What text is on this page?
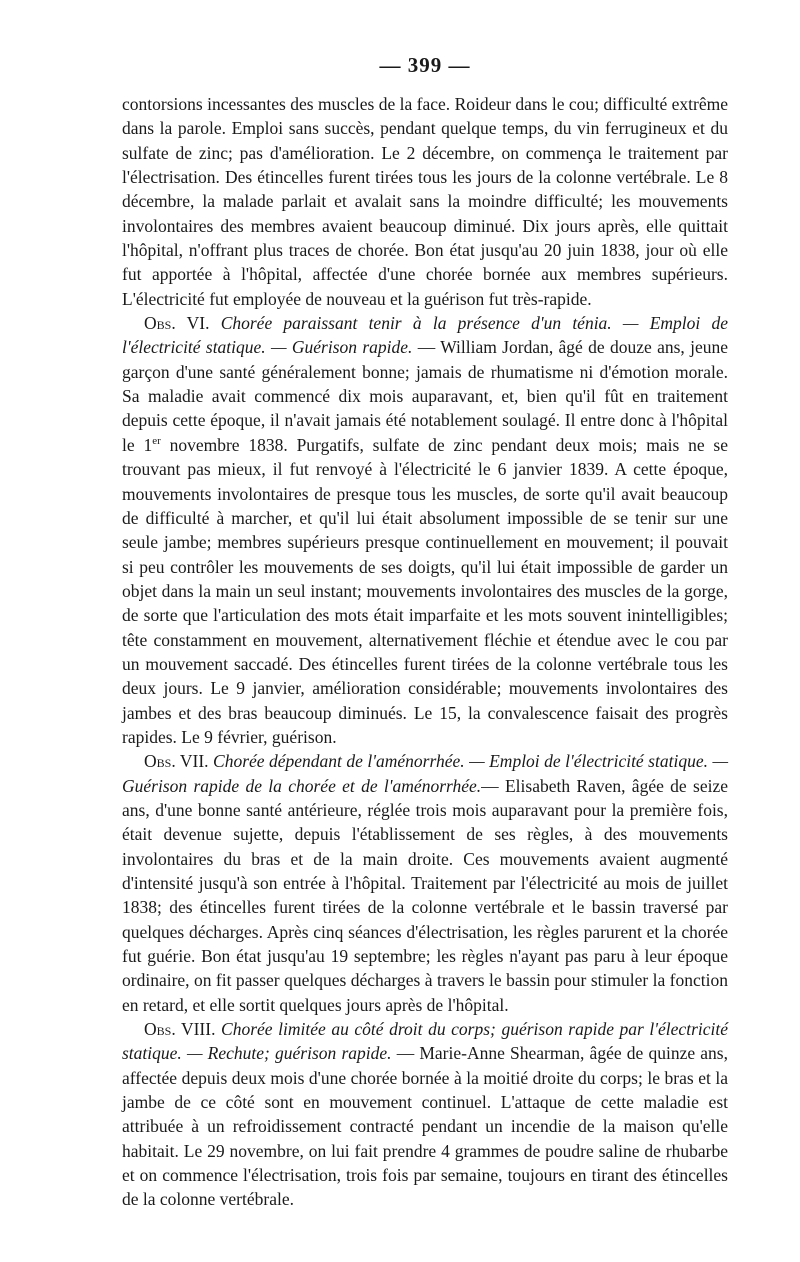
— 399 —

contorsions incessantes des muscles de la face. Roideur dans le cou; difficulté extrême dans la parole. Emploi sans succès, pendant quelque temps, du vin ferrugineux et du sulfate de zinc; pas d'amélioration. Le 2 décembre, on commença le traitement par l'électrisation. Des étincelles furent tirées tous les jours de la colonne vertébrale. Le 8 décembre, la malade parlait et avalait sans la moindre difficulté; les mouvements involontaires des membres avaient beaucoup diminué. Dix jours après, elle quittait l'hôpital, n'offrant plus traces de chorée. Bon état jusqu'au 20 juin 1838, jour où elle fut apportée à l'hôpital, affectée d'une chorée bornée aux membres supérieurs. L'électricité fut employée de nouveau et la guérison fut très-rapide.

Obs. VI. Chorée paraissant tenir à la présence d'un ténia. — Emploi de l'électricité statique. — Guérison rapide. — William Jordan, âgé de douze ans, jeune garçon d'une santé généralement bonne; jamais de rhumatisme ni d'émotion morale. Sa maladie avait commencé dix mois auparavant, et, bien qu'il fût en traitement depuis cette époque, il n'avait jamais été notablement soulagé. Il entre donc à l'hôpital le 1er novembre 1838. Purgatifs, sulfate de zinc pendant deux mois; mais ne se trouvant pas mieux, il fut renvoyé à l'électricité le 6 janvier 1839. A cette époque, mouvements involontaires de presque tous les muscles, de sorte qu'il avait beaucoup de difficulté à marcher, et qu'il lui était absolument impossible de se tenir sur une seule jambe; membres supérieurs presque continuellement en mouvement; il pouvait si peu contrôler les mouvements de ses doigts, qu'il lui était impossible de garder un objet dans la main un seul instant; mouvements involontaires des muscles de la gorge, de sorte que l'articulation des mots était imparfaite et les mots souvent inintelligibles; tête constamment en mouvement, alternativement fléchie et étendue avec le cou par un mouvement saccadé. Des étincelles furent tirées de la colonne vertébrale tous les deux jours. Le 9 janvier, amélioration considérable; mouvements involontaires des jambes et des bras beaucoup diminués. Le 15, la convalescence faisait des progrès rapides. Le 9 février, guérison.

Obs. VII. Chorée dépendant de l'aménorrhée. — Emploi de l'électricité statique. — Guérison rapide de la chorée et de l'aménorrhée.— Elisabeth Raven, âgée de seize ans, d'une bonne santé antérieure, réglée trois mois auparavant pour la première fois, était devenue sujette, depuis l'établissement de ses règles, à des mouvements involontaires du bras et de la main droite. Ces mouvements avaient augmenté d'intensité jusqu'à son entrée à l'hôpital. Traitement par l'électricité au mois de juillet 1838; des étincelles furent tirées de la colonne vertébrale et le bassin traversé par quelques décharges. Après cinq séances d'électrisation, les règles parurent et la chorée fut guérie. Bon état jusqu'au 19 septembre; les règles n'ayant pas paru à leur époque ordinaire, on fit passer quelques décharges à travers le bassin pour stimuler la fonction en retard, et elle sortit quelques jours après de l'hôpital.

Obs. VIII. Chorée limitée au côté droit du corps; guérison rapide par l'électricité statique. — Rechute; guérison rapide. — Marie-Anne Shearman, âgée de quinze ans, affectée depuis deux mois d'une chorée bornée à la moitié droite du corps; le bras et la jambe de ce côté sont en mouvement continuel. L'attaque de cette maladie est attribuée à un refroidissement contracté pendant un incendie de la maison qu'elle habitait. Le 29 novembre, on lui fait prendre 4 grammes de poudre saline de rhubarbe et on commence l'électrisation, trois fois par semaine, toujours en tirant des étincelles de la colonne vertébrale.
